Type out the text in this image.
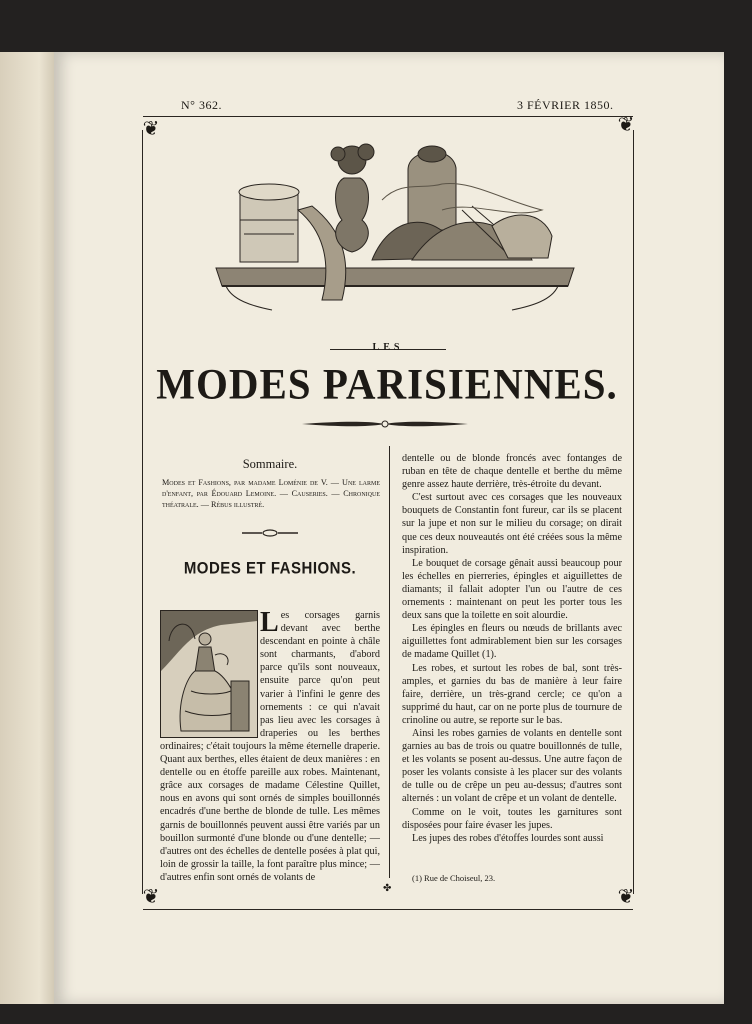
N° 362.	3 FÉVRIER 1850.
❦	❦
❦	❦
LES
MODES PARISIENNES.
Sommaire.
Modes et Fashions, par madame Loménie de V. — Une larme d'enfant, par Édouard Lemoine. — Causeries. — Chronique théatrale. — Rébus illustré.
MODES ET FASHIONS.

Les corsages garnis devant avec berthe descendant en pointe à châle sont charmants, d'abord parce qu'ils sont nouveaux, ensuite parce qu'on peut varier à l'infini le genre des ornements : ce qui n'avait pas lieu avec les corsages à draperies ou les berthes ordinaires; c'était toujours la même éternelle draperie. Quant aux berthes, elles étaient de deux manières : en dentelle ou en étoffe pareille aux robes. Maintenant, grâce aux corsages de madame Célestine Quillet, nous en avons qui sont ornés de simples bouillonnés encadrés d'une berthe de blonde de tulle. Les mêmes garnis de bouillonnés peuvent aussi être variés par un bouillon surmonté d'une blonde ou d'une dentelle; — d'autres ont des échelles de dentelle posées à plat qui, loin de grossir la taille, la font paraître plus mince; — d'autres enfin sont ornés de volants de

dentelle ou de blonde froncés avec fontanges de ruban en tête de chaque dentelle et berthe du même genre assez haute derrière, très-étroite du devant.

C'est surtout avec ces corsages que les nouveaux bouquets de Constantin font fureur, car ils se placent sur la jupe et non sur le milieu du corsage; on dirait que ces deux nouveautés ont été créées sous la même inspiration.

Le bouquet de corsage gênait aussi beaucoup pour les échelles en pierreries, épingles et aiguillettes de diamants; il fallait adopter l'un ou l'autre de ces ornements : maintenant on peut les porter tous les deux sans que la toilette en soit alourdie.

Les épingles en fleurs ou nœuds de brillants avec aiguillettes font admirablement bien sur les corsages de madame Quillet (1).

Les robes, et surtout les robes de bal, sont très-amples, et garnies du bas de manière à leur faire faire, derrière, un très-grand cercle; ce qu'on a supprimé du haut, car on ne porte plus de tournure de crinoline ou autre, se reporte sur le bas.

Ainsi les robes garnies de volants en dentelle sont garnies au bas de trois ou quatre bouillonnés de tulle, et les volants se posent au-dessus. Une autre façon de poser les volants consiste à les placer sur des volants de tulle ou de crêpe un peu au-dessus; d'autres sont alternés : un volant de crêpe et un volant de dentelle.

Comme on le voit, toutes les garnitures sont disposées pour faire évaser les jupes.

Les jupes des robes d'étoffes lourdes sont aussi

(1) Rue de Choiseul, 23.
✤
